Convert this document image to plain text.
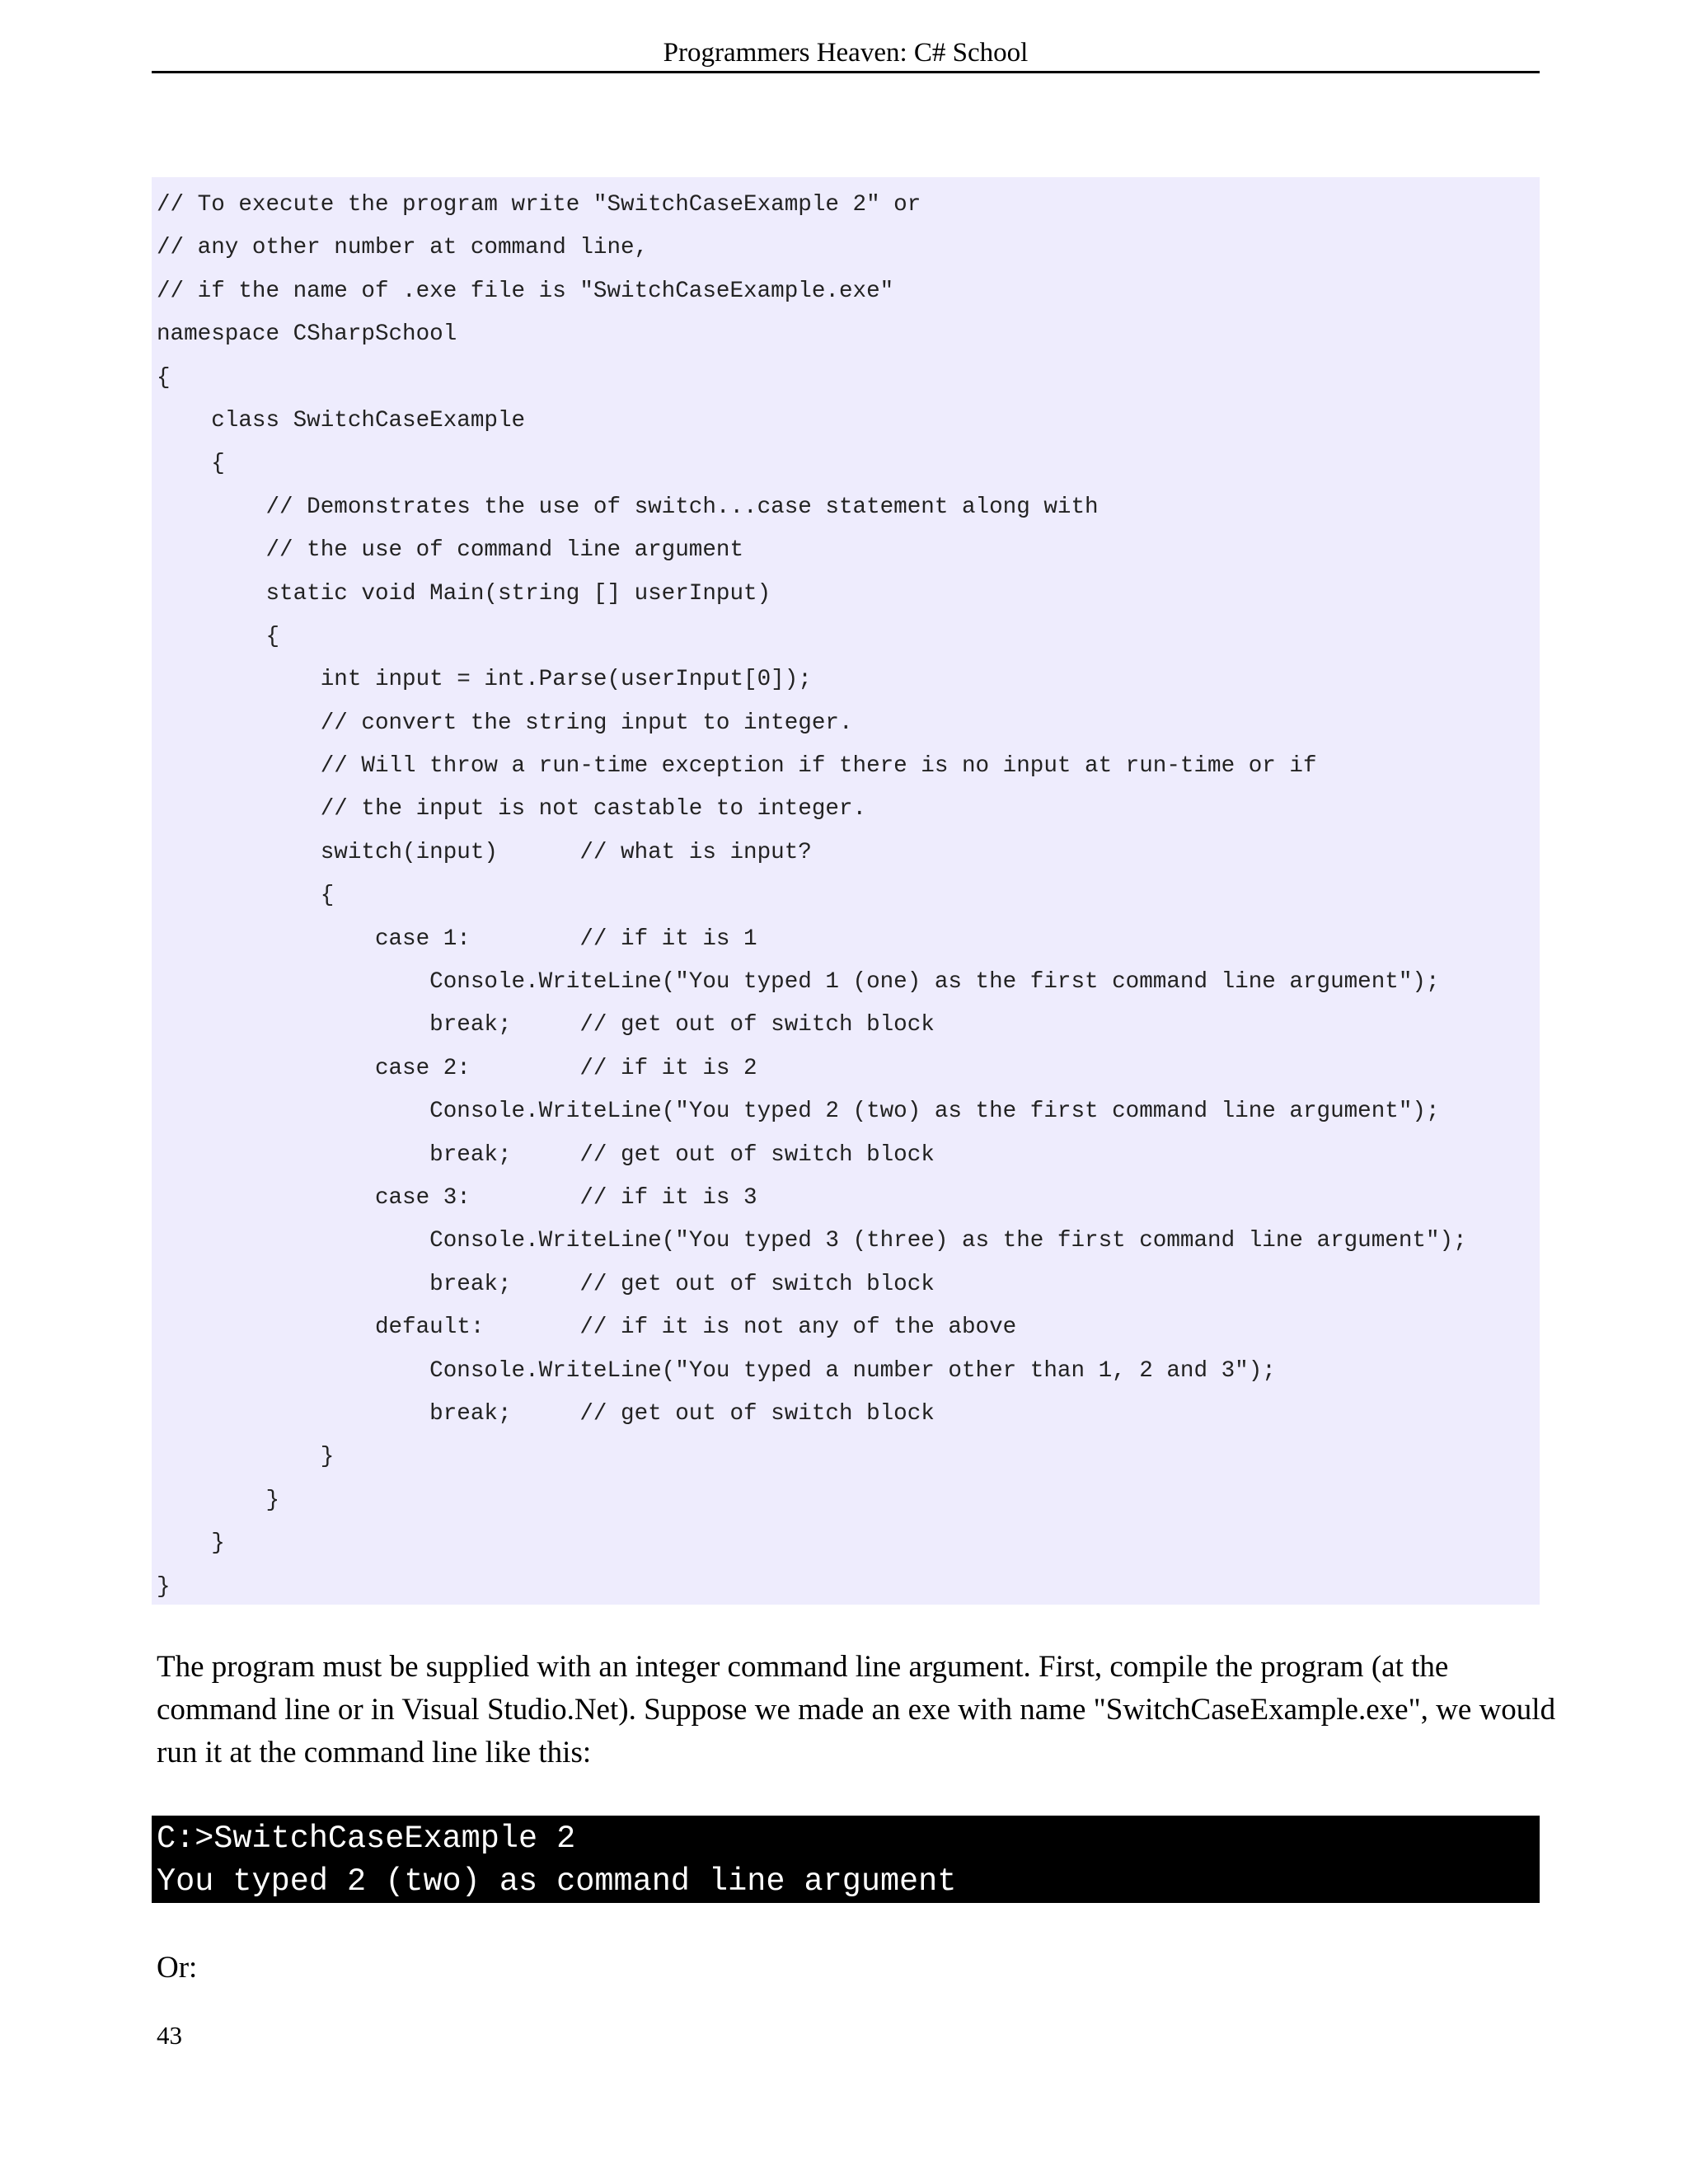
Programmers Heaven: C# School
// To execute the program write "SwitchCaseExample 2" or
// any other number at command line,
// if the name of .exe file is "SwitchCaseExample.exe"
namespace CSharpSchool
{
class SwitchCaseExample
{
// Demonstrates the use of switch...case statement along with
// the use of command line argument
static void Main(string [] userInput)
{
int input = int.Parse(userInput[0]);
// convert the string input to integer.
// Will throw a run-time exception if there is no input at run-time or if
// the input is not castable to integer.
switch(input)      // what is input?
{
case 1:        // if it is 1
Console.WriteLine("You typed 1 (one) as the first command line argument");
break;     // get out of switch block
case 2:        // if it is 2
Console.WriteLine("You typed 2 (two) as the first command line argument");
break;     // get out of switch block
case 3:        // if it is 3
Console.WriteLine("You typed 3 (three) as the first command line argument");
break;     // get out of switch block
default:       // if it is not any of the above
Console.WriteLine("You typed a number other than 1, 2 and 3");
break;     // get out of switch block
}
}
}
}
The program must be supplied with an integer command line argument. First, compile the program (at the
command line or in Visual Studio.Net). Suppose we made an exe with name "SwitchCaseExample.exe", we would
run it at the command line like this:
C:>SwitchCaseExample 2
You typed 2 (two) as command line argument
Or:
43
